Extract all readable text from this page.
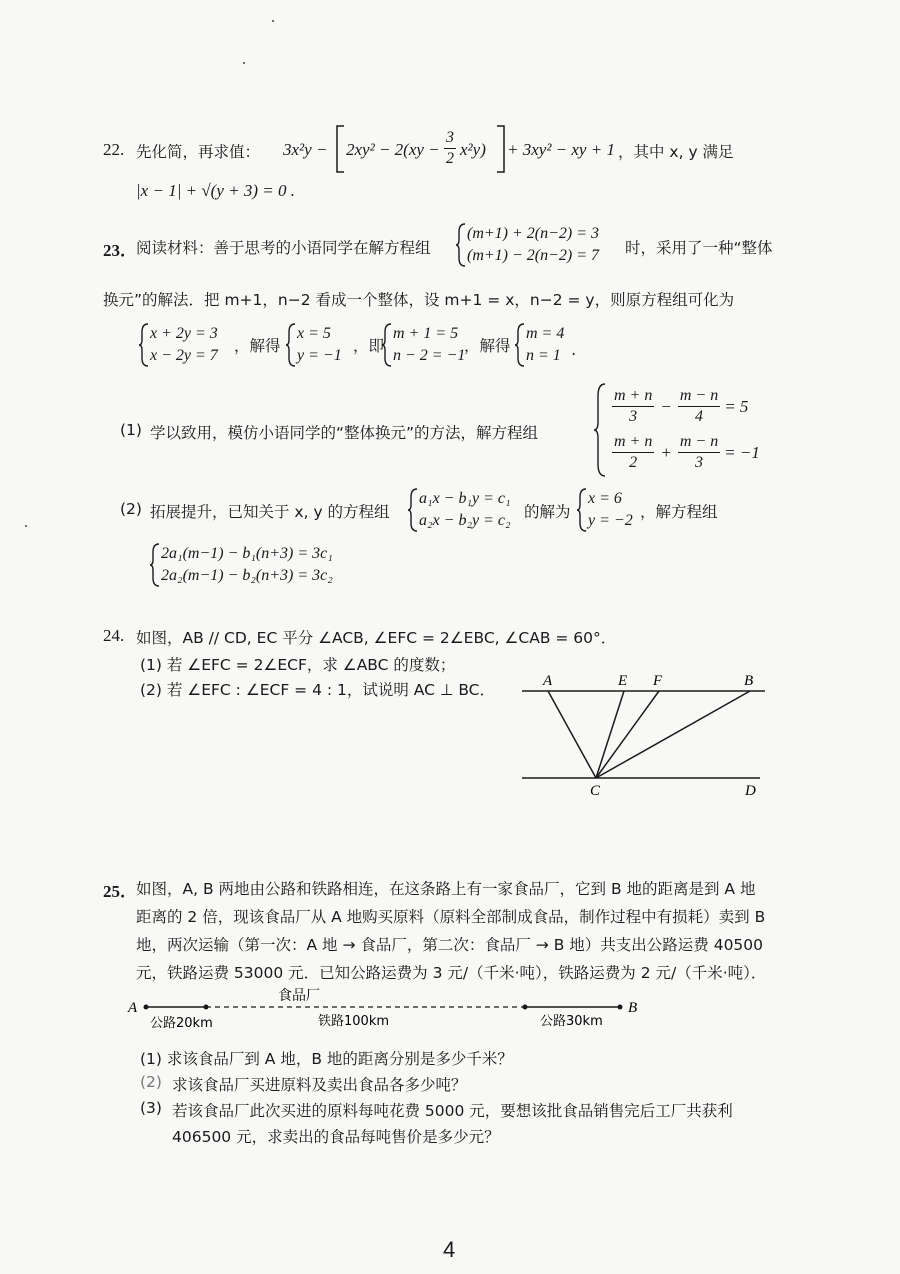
22. 先化简，再求值： $3x^2y - 2xy^2 - 2(xy - \frac{3}{2} x^2y) + 3xy^2$ − xy + 1 ，其中 x, y 满足
|x − 1| + √(y + 3) = 0 .
23． 阅读材料：善于思考的小语同学在解方程组
(m+1) + 2(n−2) = 3
(m+1) − 2(n−2) = 7 时，采用了一种“整体
换元”的解法．把 m+1，n−2 看成一个整体，设 m+1 = x，n−2 = y，则原方程组可化为
x + 2y = 3
x − 2y = 7
，解得
x = 5
y = −1
，即
m + 1 = 5
n − 2 = −1
，解得
m = 4
n = 1 .
(1) 学以致用，模仿小语同学的“整体换元”的方法，解方程组
$\frac{m + n}{3} - \frac{m - n}{4} = 5$
$\frac{m + n}{2} + \frac{m - n}{3} = -1$
(2) 拓展提升，已知关于 x, y 的方程组
a₁x − b₁y = c₁
a₂x − b₂y = c₂ 的解为
x = 6
y = −2 ，解方程组
2a₁(m−1) − b₁(n+3) = 3c₁
2a₂(m−1) − b₂(n+3) = 3c₂
24. 如图，AB // CD, EC 平分 ∠ACB, ∠EFC = 2∠EBC, ∠CAB = 60°．
(1) 若 ∠EFC = 2∠ECF，求 ∠ABC 的度数；
(2) 若 ∠EFC : ∠ECF = 4 : 1，试说明 AC ⊥ BC．	A	E F	B
C	D
25． 如图，A, B 两地由公路和铁路相连，在这条路上有一家食品厂，它到 B 地的距离是到 A 地
距离的 2 倍，现该食品厂从 A 地购买原料（原料全部制成食品，制作过程中有损耗）卖到 B
地，两次运输（第一次：A 地 → 食品厂，第二次：食品厂 → B 地）共支出公路运费 40500
元，铁路运费 53000 元．已知公路运费为 3 元/（千米·吨），铁路运费为 2 元/（千米·吨）．
A	B
食品厂
公路20km	铁路100km	公路30km
(1) 求该食品厂到 A 地，B 地的距离分别是多少千米？
(2) 求该食品厂买进原料及卖出食品各多少吨？
(3) 若该食品厂此次买进的原料每吨花费 5000 元，要想该批食品销售完后工厂共获利
406500 元，求卖出的食品每吨售价是多少元？
4
